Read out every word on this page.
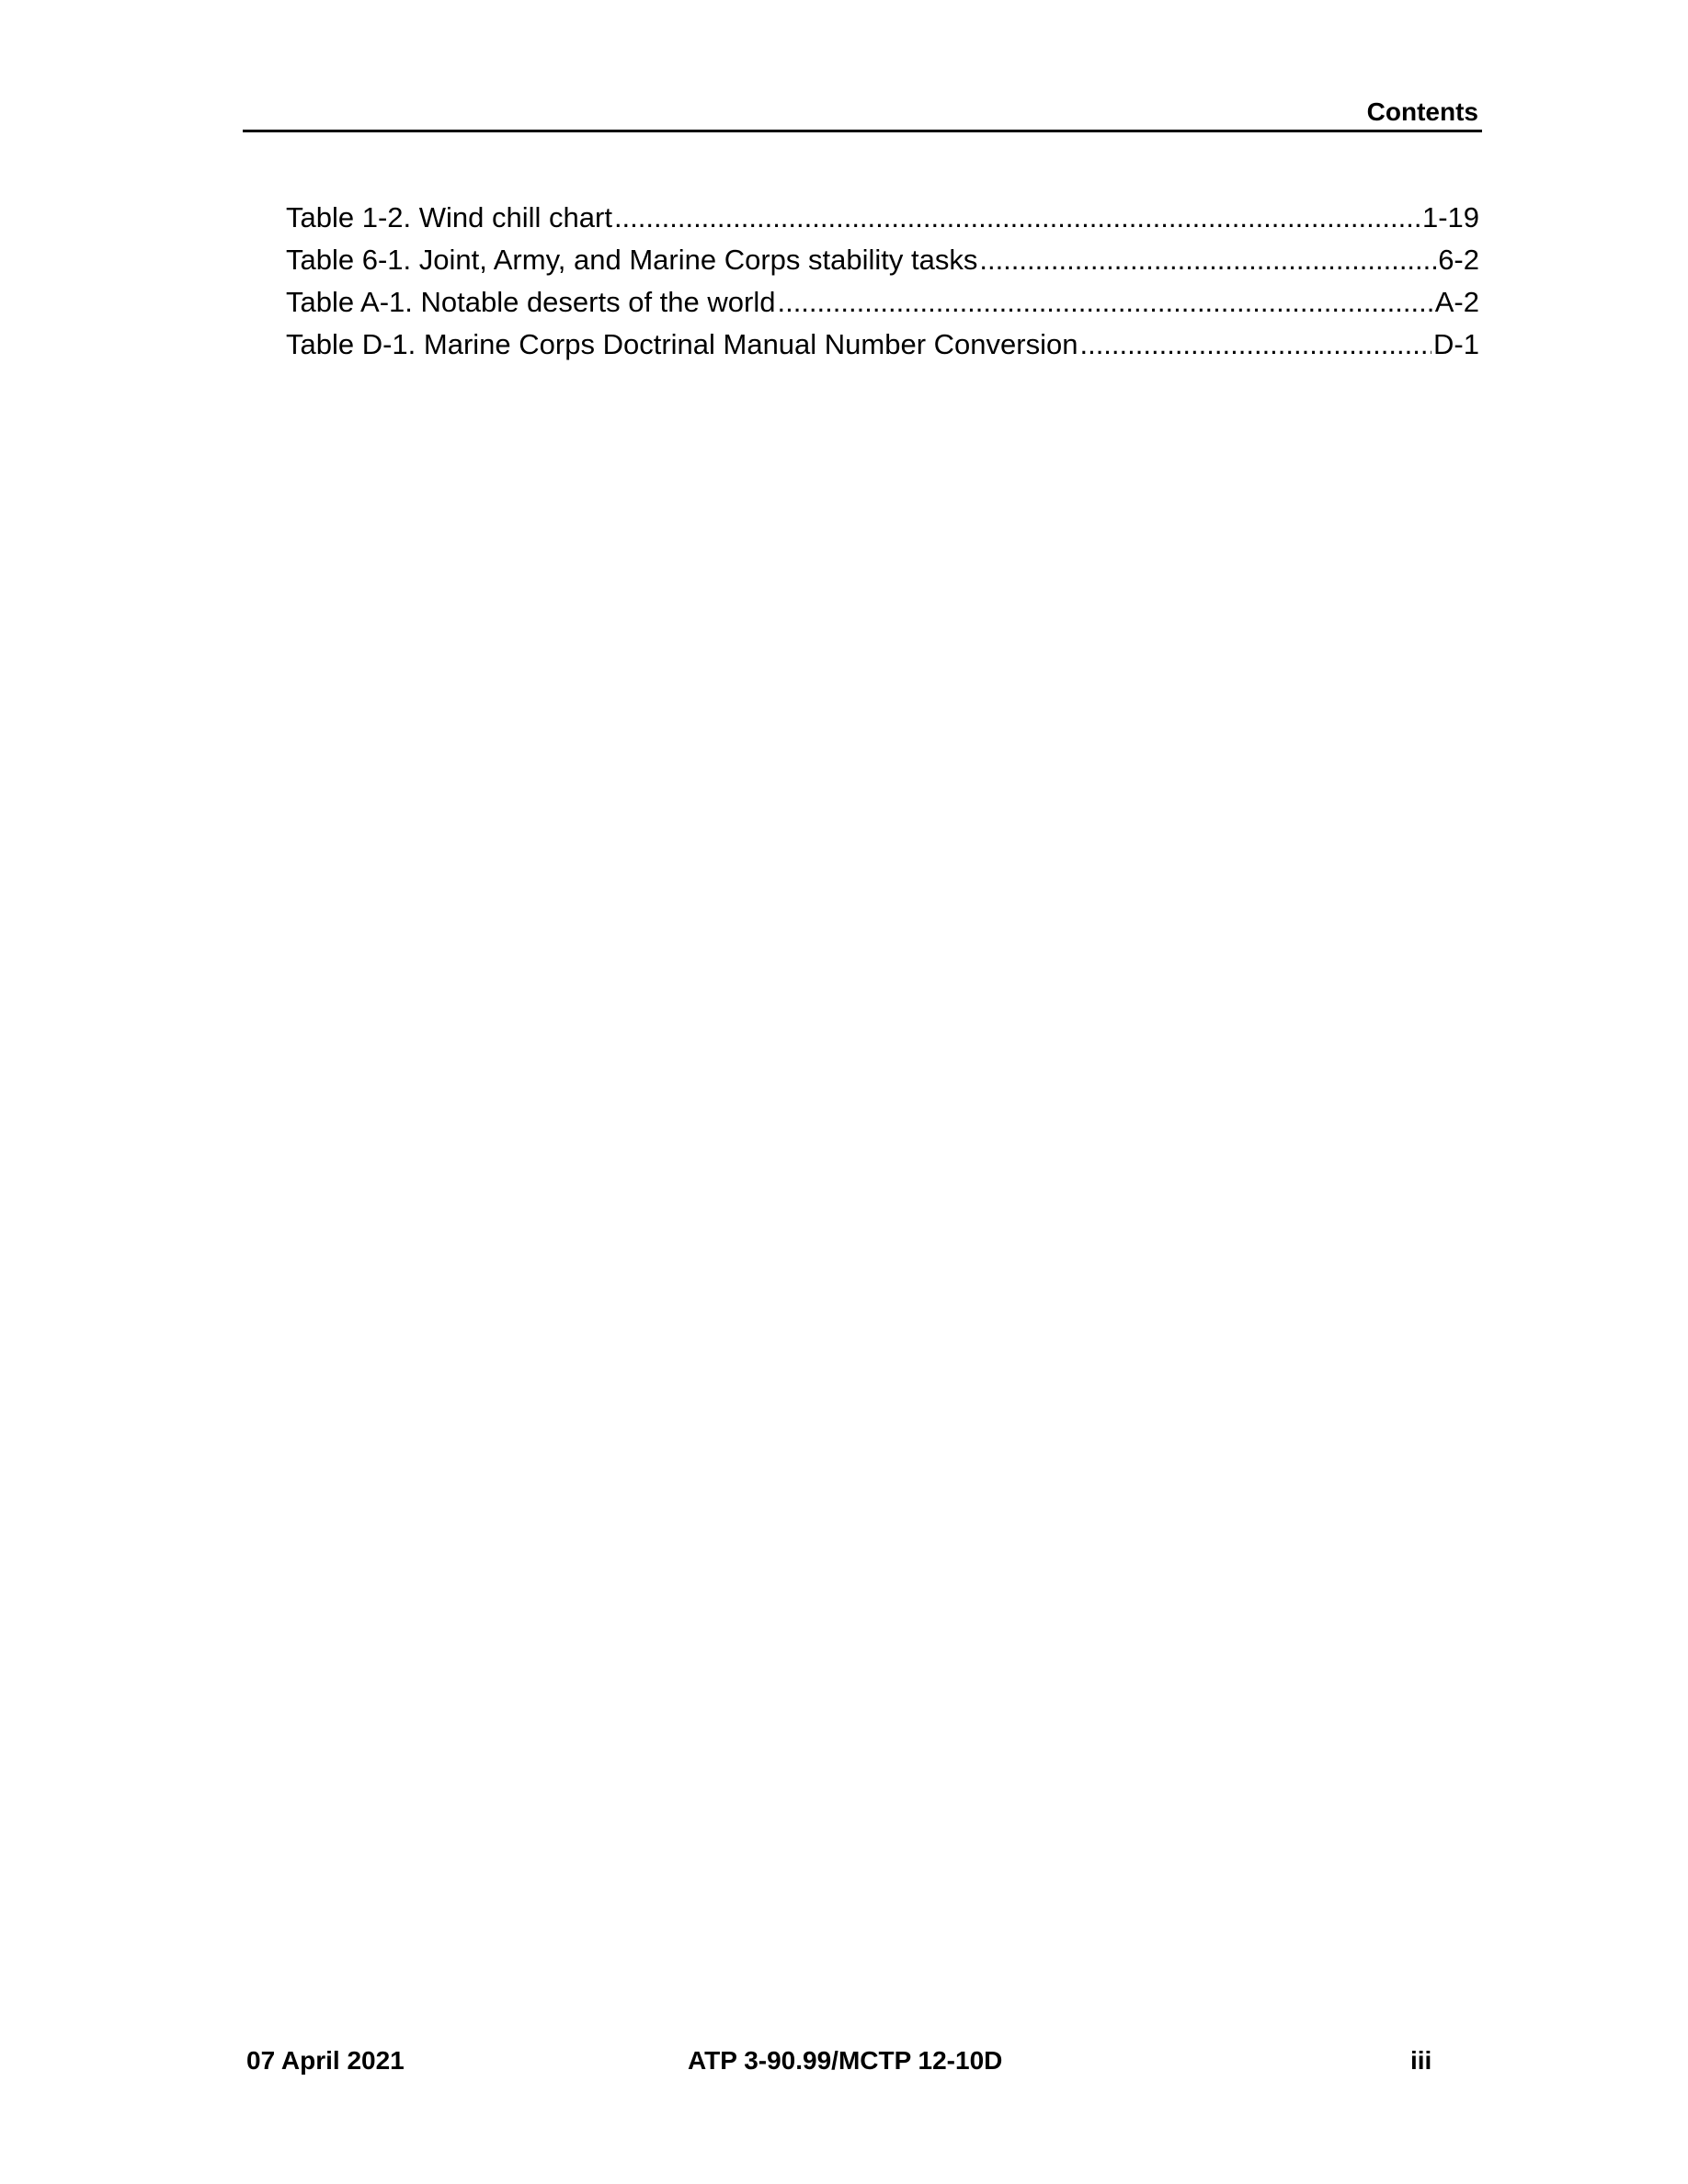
Contents
Table 1-2. Wind chill chart .....	1-19
Table 6-1. Joint, Army, and Marine Corps stability tasks .....	6-2
Table A-1. Notable deserts of the world .....	A-2
Table D-1. Marine Corps Doctrinal Manual Number Conversion .....	D-1
07 April 2021	ATP 3-90.99/MCTP 12-10D	iii
